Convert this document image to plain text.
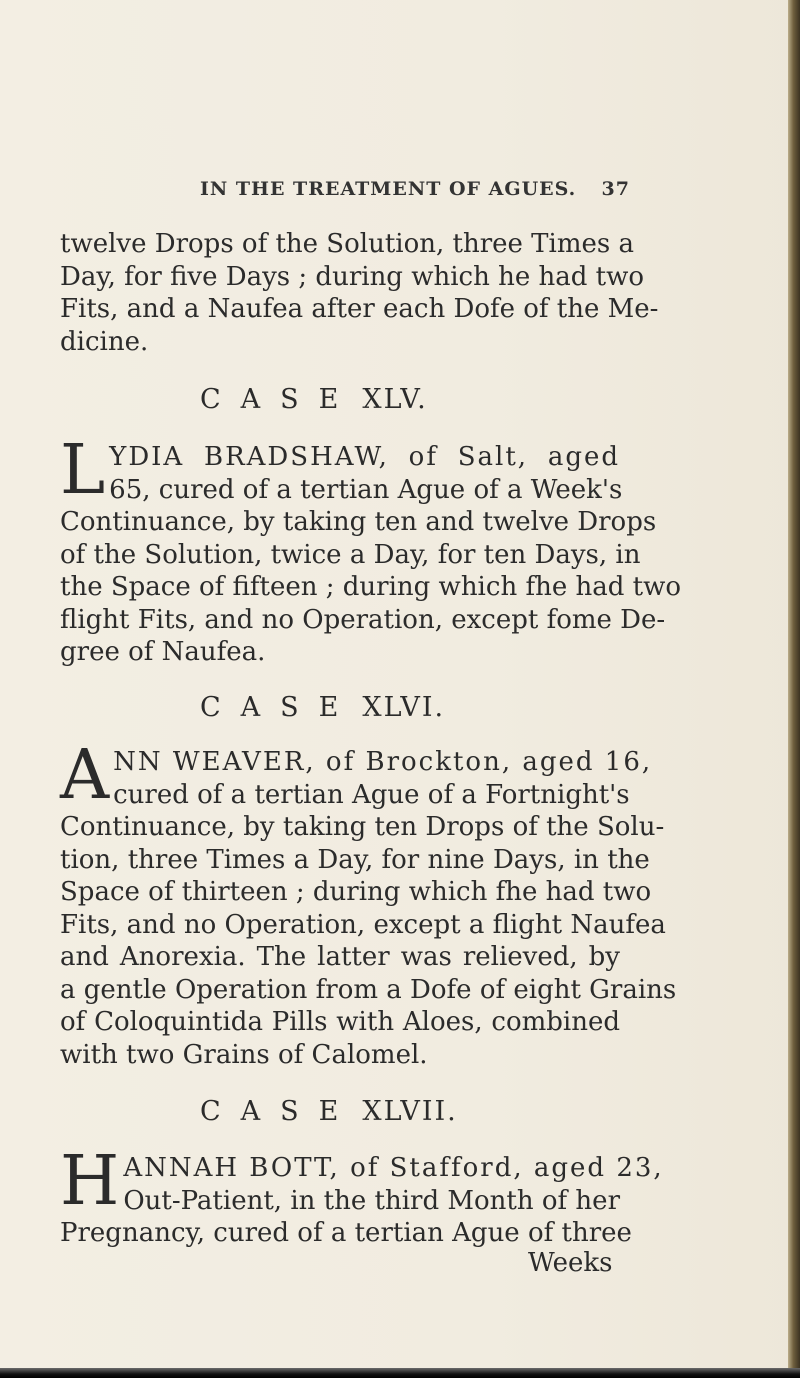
IN THE TREATMENT OF AGUES. 37
twelve Drops of the Solution, three Times a
Day, for five Days ; during which he had two
Fits, and a Naufea after each Dofe of the Me-
dicine.
CASE XLV.
L YDIA BRADSHAW, of Salt, aged
65, cured of a tertian Ague of a Week's
Continuance, by taking ten and twelve Drops
of the Solution, twice a Day, for ten Days, in
the Space of fifteen ; during which fhe had two
flight Fits, and no Operation, except fome De-
gree of Naufea.
CASE XLVI.
A NN WEAVER, of Brockton, aged 16,
cured of a tertian Ague of a Fortnight's
Continuance, by taking ten Drops of the Solu-
tion, three Times a Day, for nine Days, in the
Space of thirteen ; during which fhe had two
Fits, and no Operation, except a flight Naufea
and Anorexia. The latter was relieved, by
a gentle Operation from a Dofe of eight Grains
of Coloquintida Pills with Aloes, combined
with two Grains of Calomel.
CASE XLVII.
H ANNAH BOTT, of Stafford, aged 23,
Out-Patient, in the third Month of her
Pregnancy, cured of a tertian Ague of three
Weeks
